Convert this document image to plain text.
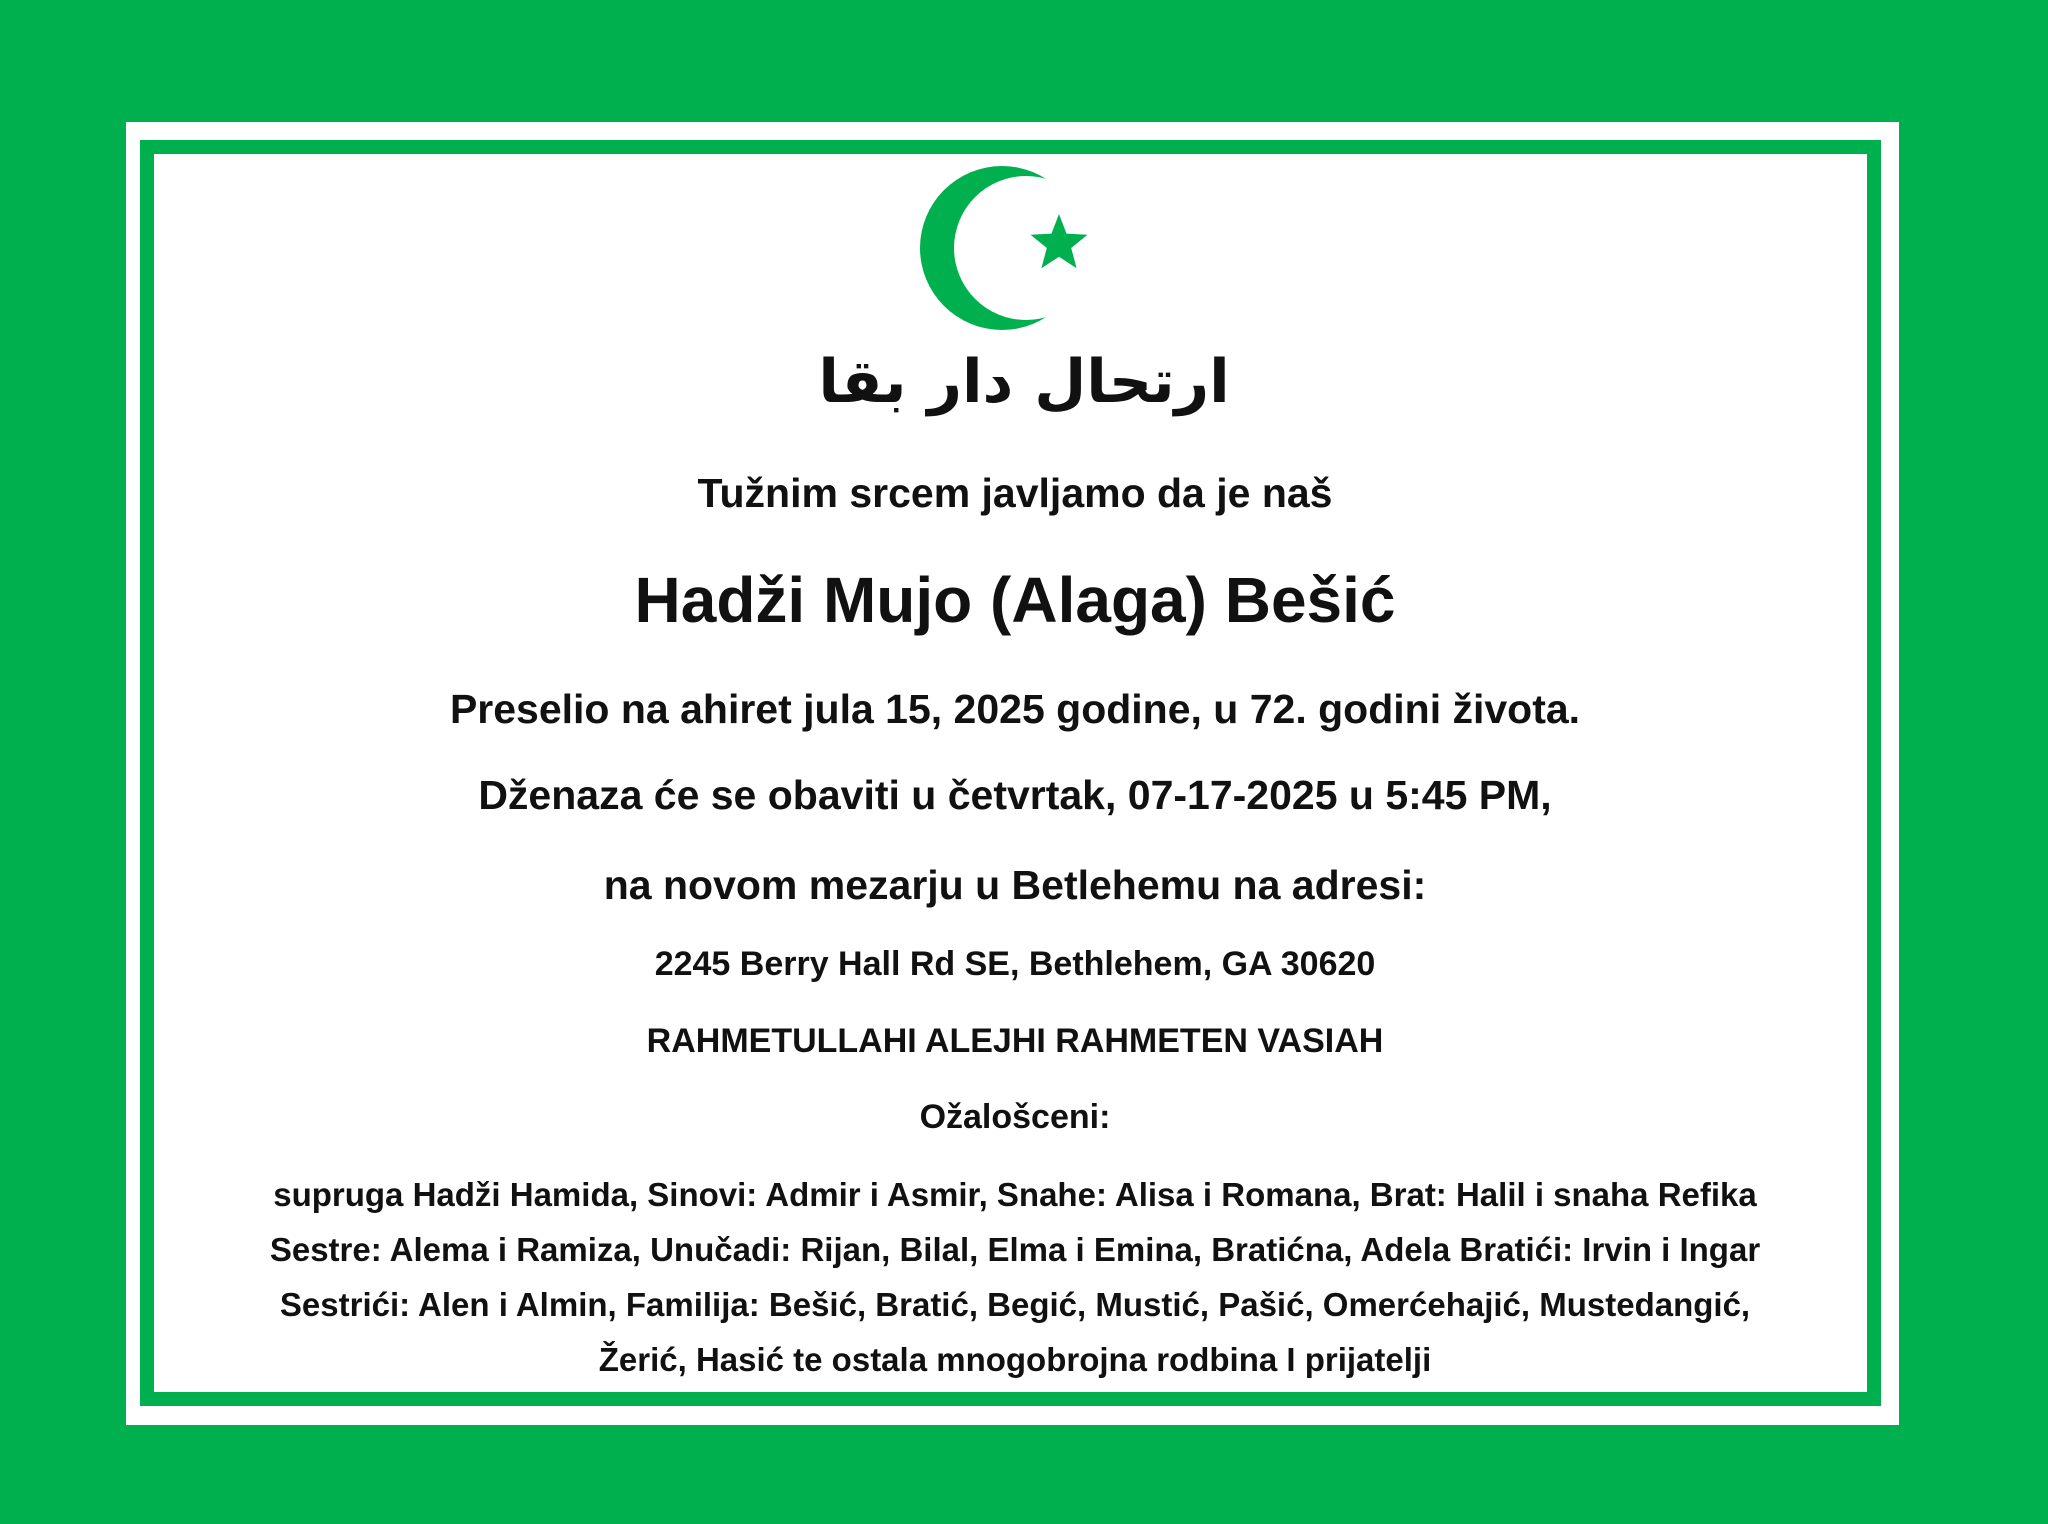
ارتحال دار بقا
Tužnim srcem javljamo da je naš
Hadži Mujo (Alaga) Bešić
Preselio na ahiret jula 15, 2025 godine, u 72. godini života.
Dženaza će se obaviti u četvrtak, 07-17-2025 u 5:45 PM,
na novom mezarju u Betlehemu na adresi:
2245 Berry Hall Rd SE, Bethlehem, GA 30620
RAHMETULLAHI ALEJHI RAHMETEN VASIAH
Ožalošceni:
supruga Hadži Hamida, Sinovi: Admir i Asmir, Snahe: Alisa i Romana, Brat: Halil i snaha Refika
Sestre: Alema i Ramiza, Unučadi: Rijan, Bilal, Elma i Emina, Bratićna, Adela Bratići: Irvin i Ingar
Sestrići: Alen i Almin, Familija: Bešić, Bratić, Begić, Mustić, Pašić, Omerćehajić, Mustedangić,
Žerić, Hasić te ostala mnogobrojna rodbina I prijatelji
